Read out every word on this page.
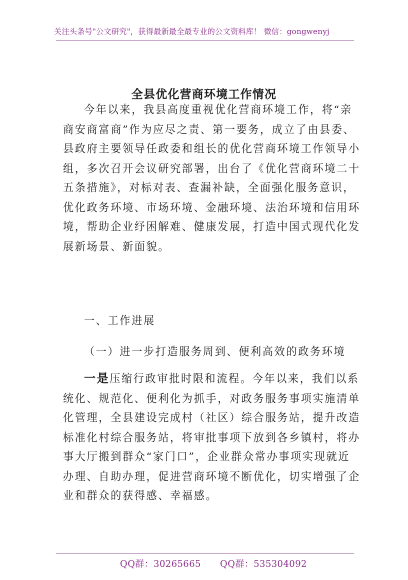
关注头条号"公文研究"，获得最新最全最专业的公文资料库！ 微信：gongwenyj
全县优化营商环境工作情况
今年以来，我县高度重视优化营商环境工作，将“亲
商安商富商”作为应尽之责、第一要务，成立了由县委、
县政府主要领导任政委和组长的优化营商环境工作领导小
组，多次召开会议研究部署，出台了《优化营商环境二十
五条措施》，对标对表、查漏补缺，全面强化服务意识，
优化政务环境、市场环境、金融环境、法治环境和信用环
境，帮助企业纾困解难、健康发展，打造中国式现代化发
展新场景、新面貌。
一、工作进展
（一）进一步打造服务周到、便利高效的政务环境
一是压缩行政审批时限和流程。今年以来，我们以系
统化、规范化、便利化为抓手，对政务服务事项实施清单
化管理，全县建设完成村（社区）综合服务站，提升改造
标准化村综合服务站，将审批事项下放到各乡镇村，将办
事大厅搬到群众“家门口”，企业群众常办事项实现就近
办理、自助办理，促进营商环境不断优化，切实增强了企
业和群众的获得感、幸福感。
QQ群：30265665 QQ群：535304092
